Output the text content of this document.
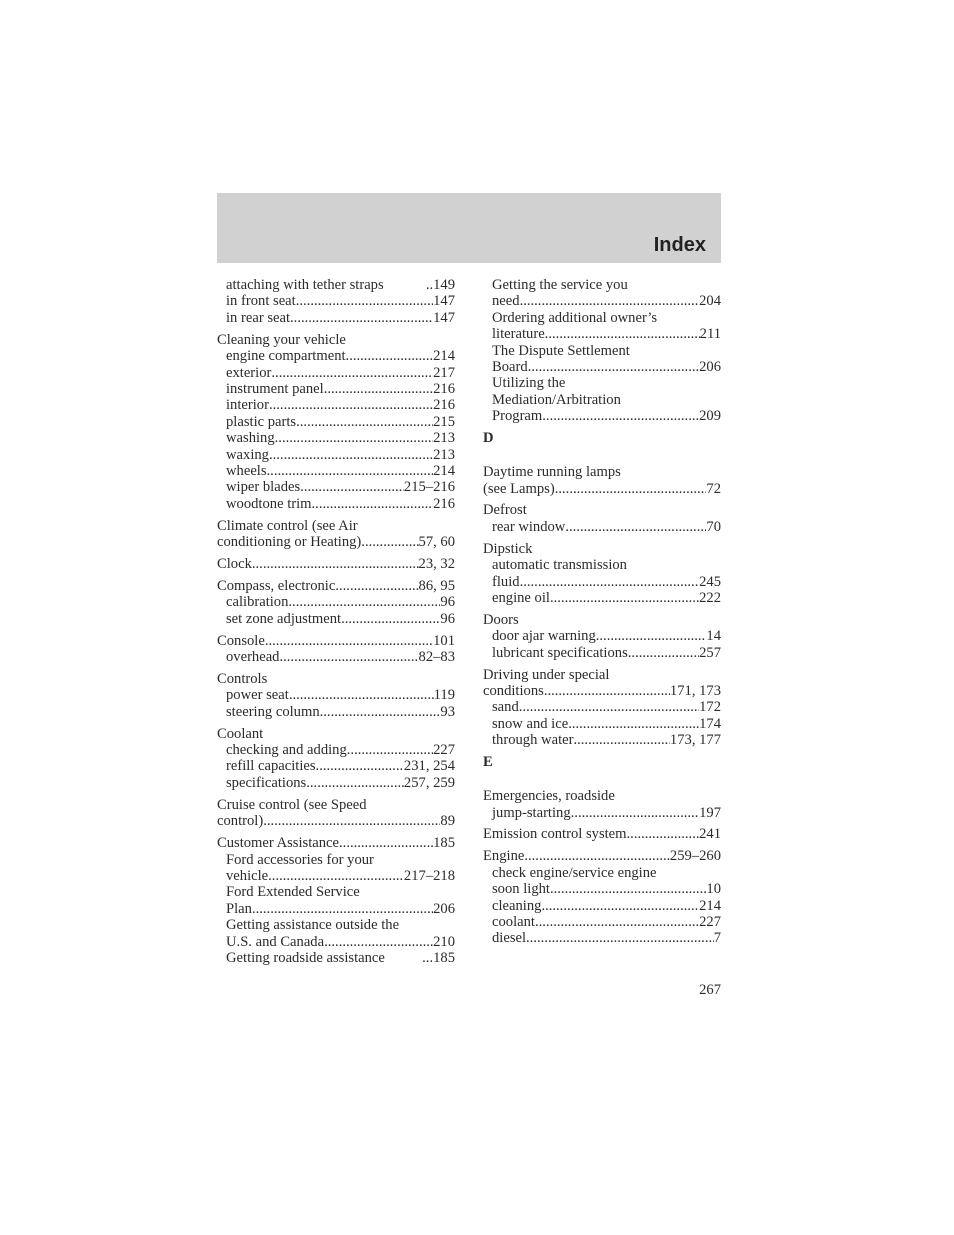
Index
attaching with tether straps	..149
in front seat .....	147
in rear seat .....	147
Cleaning your vehicle
engine compartment .....	214
exterior .....	217
instrument panel .....	216
interior .....	216
plastic parts .....	215
washing .....	213
waxing .....	213
wheels .....	214
wiper blades .....	215–216
woodtone trim .....	216
Climate control (see Air
conditioning or Heating) .....	57, 60
Clock .....	23, 32
Compass, electronic .....	86, 95
calibration .....	96
set zone adjustment .....	96
Console .....	101
overhead .....	82–83
Controls
power seat .....	119
steering column .....	93
Coolant
checking and adding .....	227
refill capacities .....	231, 254
specifications .....	257, 259
Cruise control (see Speed
control) .....	89
Customer Assistance .....	185
Ford accessories for your
vehicle .....	217–218
Ford Extended Service
Plan .....	206
Getting assistance outside the
U.S. and Canada .....	210
Getting roadside assistance	...185
Getting the service you
need .....	204
Ordering additional owner’s
literature .....	211
The Dispute Settlement
Board .....	206
Utilizing the
Mediation/Arbitration
Program .....	209
D
Daytime running lamps
(see Lamps) .....	72
Defrost
rear window .....	70
Dipstick
automatic transmission
fluid .....	245
engine oil .....	222
Doors
door ajar warning .....	14
lubricant specifications .....	257
Driving under special
conditions .....	171, 173
sand .....	172
snow and ice .....	174
through water .....	173, 177
E
Emergencies, roadside
jump-starting .....	197
Emission control system .....	241
Engine .....	259–260
check engine/service engine
soon light .....	10
cleaning .....	214
coolant .....	227
diesel .....	7
267
